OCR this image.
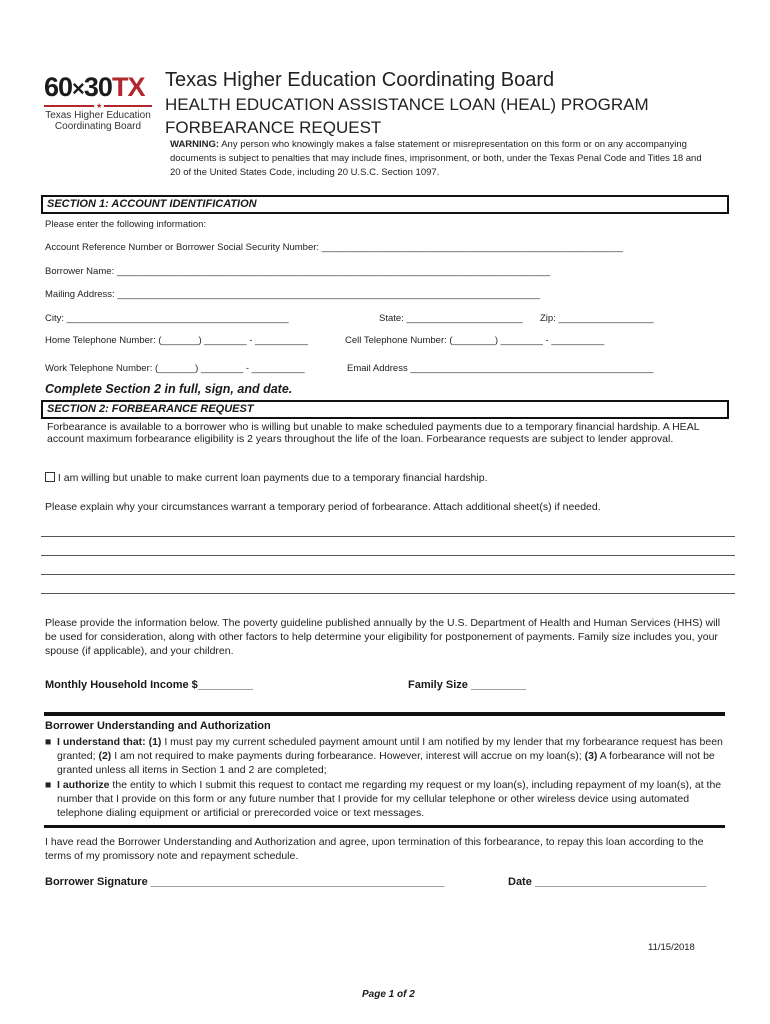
60×30TX
★
Texas Higher Education
Coordinating Board
Texas Higher Education Coordinating Board
HEALTH EDUCATION ASSISTANCE LOAN (HEAL) PROGRAM
FORBEARANCE REQUEST
WARNING: Any person who knowingly makes a false statement or misrepresentation on this form or on any accompanying documents is subject to penalties that may include fines, imprisonment, or both, under the Texas Penal Code and Titles 18 and 20 of the United States Code, including 20 U.S.C. Section 1097.
SECTION 1: ACCOUNT IDENTIFICATION
Please enter the following information:
Account Reference Number or Borrower Social Security Number: _________________________________________________________
Borrower Name: __________________________________________________________________________________
Mailing Address: ________________________________________________________________________________
City: __________________________________________	State: ______________________ Zip: __________________
Home Telephone Number: (_______) ________ - __________	Cell Telephone Number: (________) ________ - __________
Work Telephone Number: (_______) ________ - __________	Email Address ______________________________________________
Complete Section 2 in full, sign, and date.
SECTION 2: FORBEARANCE REQUEST
Forbearance is available to a borrower who is willing but unable to make scheduled payments due to a temporary financial hardship. A HEAL account maximum forbearance eligibility is 2 years throughout the life of the loan. Forbearance requests are subject to lender approval.
I am willing but unable to make current loan payments due to a temporary financial hardship.
Please explain why your circumstances warrant a temporary period of forbearance. Attach additional sheet(s) if needed.
Please provide the information below. The poverty guideline published annually by the U.S. Department of Health and Human Services (HHS) will be used for consideration, along with other factors to help determine your eligibility for postponement of payments. Family size includes you, your spouse (if applicable), and your children.
Monthly Household Income $_________	Family Size _________
Borrower Understanding and Authorization
■ I understand that: (1) I must pay my current scheduled payment amount until I am notified by my lender that my forbearance request has been granted; (2) I am not required to make payments during forbearance. However, interest will accrue on my loan(s); (3) A forbearance will not be granted unless all items in Section 1 and 2 are completed;
■ I authorize the entity to which I submit this request to contact me regarding my request or my loan(s), including repayment of my loan(s), at the number that I provide on this form or any future number that I provide for my cellular telephone or other wireless device using automated telephone dialing equipment or artificial or prerecorded voice or text messages.
I have read the Borrower Understanding and Authorization and agree, upon termination of this forbearance, to repay this loan according to the terms of my promissory note and repayment schedule.
Borrower Signature ________________________________________________	Date ____________________________
11/15/2018
Page 1 of 2
